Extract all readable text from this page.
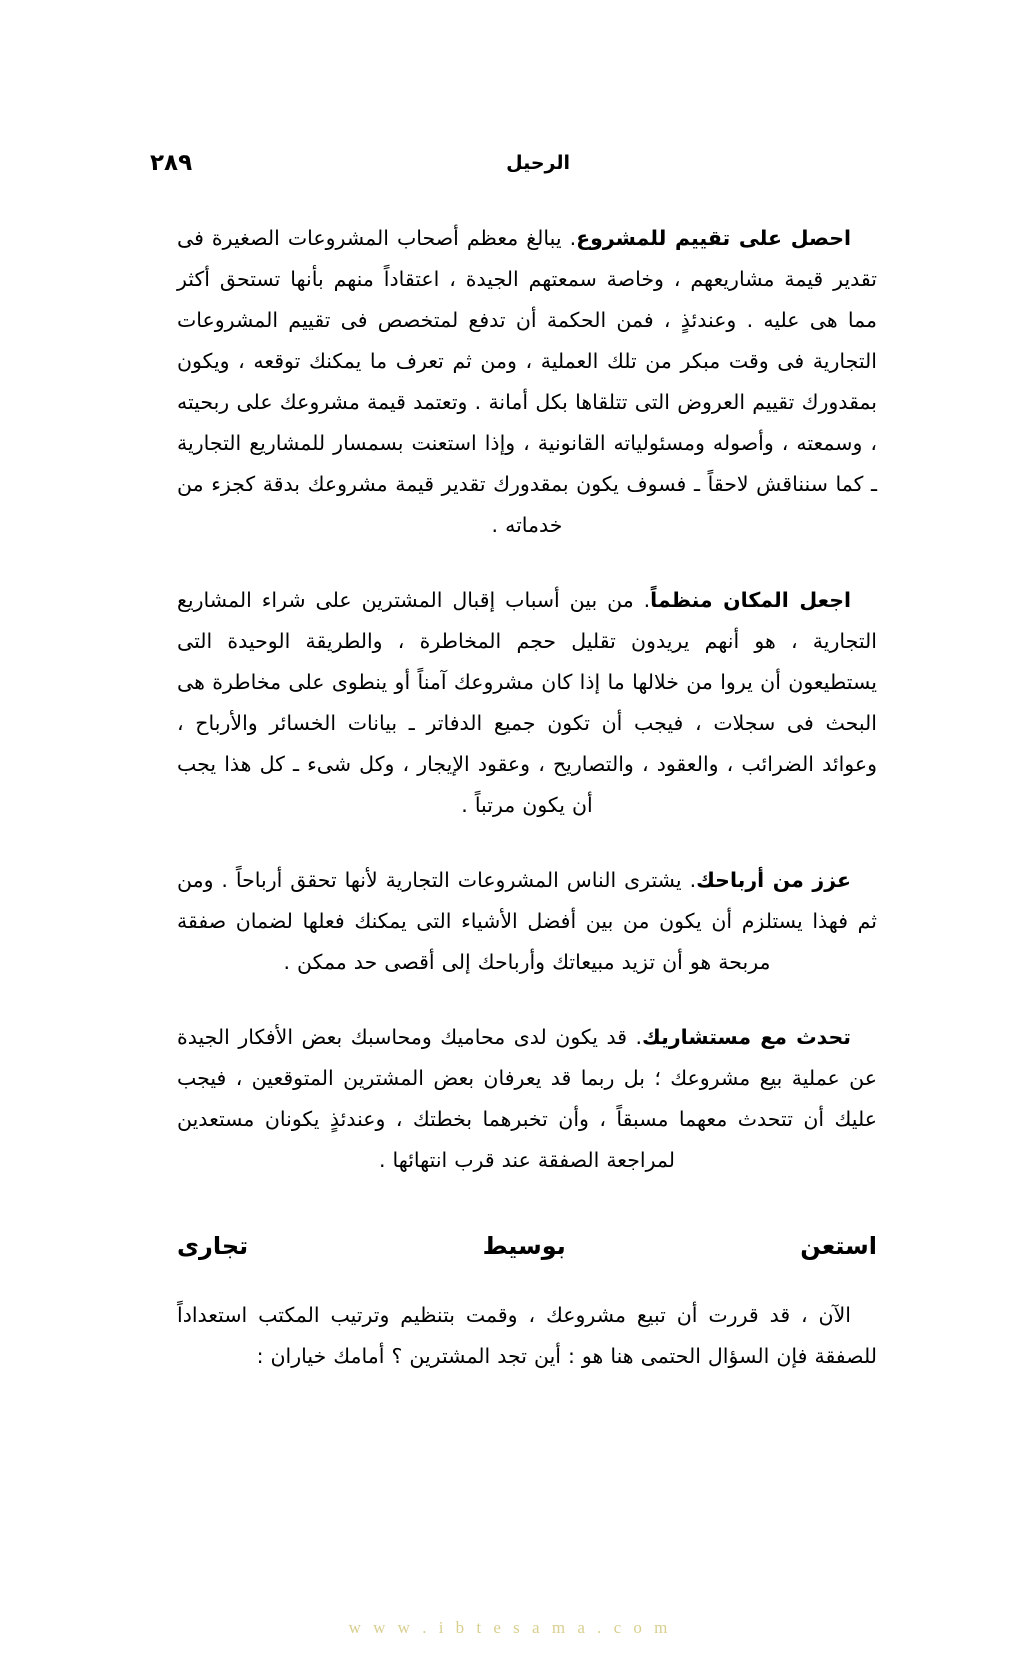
الرحيل
٢٨٩

احصل على تقييم للمشروع. يبالغ معظم أصحاب المشروعات الصغيرة فى تقدير قيمة مشاريعهم ، وخاصة سمعتهم الجيدة ، اعتقاداً منهم بأنها تستحق أكثر مما هى عليه . وعندئذٍ ، فمن الحكمة أن تدفع لمتخصص فى تقييم المشروعات التجارية فى وقت مبكر من تلك العملية ، ومن ثم تعرف ما يمكنك توقعه ، ويكون بمقدورك تقييم العروض التى تتلقاها بكل أمانة . وتعتمد قيمة مشروعك على ربحيته ، وسمعته ، وأصوله ومسئولياته القانونية ، وإذا استعنت بسمسار للمشاريع التجارية ـ كما سنناقش لاحقاً ـ فسوف يكون بمقدورك تقدير قيمة مشروعك بدقة كجزء من خدماته .

اجعل المكان منظماً. من بين أسباب إقبال المشترين على شراء المشاريع التجارية ، هو أنهم يريدون تقليل حجم المخاطرة ، والطريقة الوحيدة التى يستطيعون أن يروا من خلالها ما إذا كان مشروعك آمناً أو ينطوى على مخاطرة هى البحث فى سجلات ، فيجب أن تكون جميع الدفاتر ـ بيانات الخسائر والأرباح ، وعوائد الضرائب ، والعقود ، والتصاريح ، وعقود الإيجار ، وكل شىء ـ كل هذا يجب أن يكون مرتباً .

عزز من أرباحك. يشترى الناس المشروعات التجارية لأنها تحقق أرباحاً . ومن ثم فهذا يستلزم أن يكون من بين أفضل الأشياء التى يمكنك فعلها لضمان صفقة مربحة هو أن تزيد مبيعاتك وأرباحك إلى أقصى حد ممكن .

تحدث مع مستشاريك. قد يكون لدى محاميك ومحاسبك بعض الأفكار الجيدة عن عملية بيع مشروعك ؛ بل ربما قد يعرفان بعض المشترين المتوقعين ، فيجب عليك أن تتحدث معهما مسبقاً ، وأن تخبرهما بخطتك ، وعندئذٍ يكونان مستعدين لمراجعة الصفقة عند قرب انتهائها .

استعن بوسيط تجارى

الآن ، قد قررت أن تبيع مشروعك ، وقمت بتنظيم وترتيب المكتب استعداداً للصفقة فإن السؤال الحتمى هنا هو : أين تجد المشترين ؟ أمامك خياران :

w w w . i b t e s a m a . c o m
